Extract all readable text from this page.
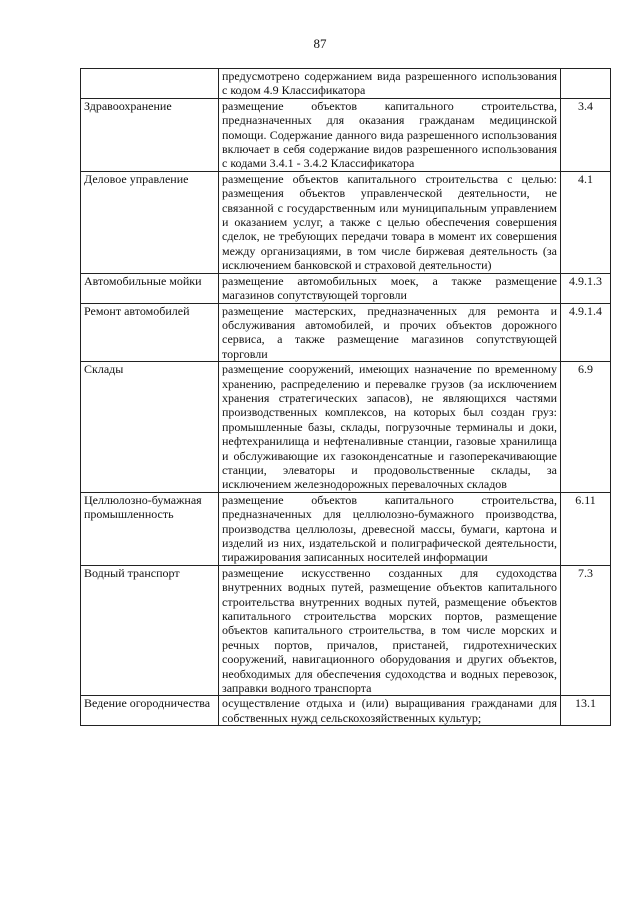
87
	предусмотрено содержанием вида разрешенного использования с кодом 4.9 Классификатора	
Здравоохранение	размещение объектов капитального строительства, предназначенных для оказания гражданам медицинской помощи. Содержание данного вида разрешенного использования включает в себя содержание видов разрешенного использования с кодами 3.4.1 - 3.4.2 Классификатора	3.4
Деловое управление	размещение объектов капитального строительства с целью: размещения объектов управленческой деятельности, не связанной с государственным или муниципальным управлением и оказанием услуг, а также с целью обеспечения совершения сделок, не требующих передачи товара в момент их совершения между организациями, в том числе биржевая деятельность (за исключением банковской и страховой деятельности)	4.1
Автомобильные мойки	размещение автомобильных моек, а также размещение магазинов сопутствующей торговли	4.9.1.3
Ремонт автомобилей	размещение мастерских, предназначенных для ремонта и обслуживания автомобилей, и прочих объектов дорожного сервиса, а также размещение магазинов сопутствующей торговли	4.9.1.4
Склады	размещение сооружений, имеющих назначение по временному хранению, распределению и перевалке грузов (за исключением хранения стратегических запасов), не являющихся частями производственных комплексов, на которых был создан груз: промышленные базы, склады, погрузочные терминалы и доки, нефтехранилища и нефтеналивные станции, газовые хранилища и обслуживающие их газоконденсатные и газоперекачивающие станции, элеваторы и продовольственные склады, за исключением железнодорожных перевалочных складов	6.9
Целлюлозно-бумажная промышленность	размещение объектов капитального строительства, предназначенных для целлюлозно-бумажного производства, производства целлюлозы, древесной массы, бумаги, картона и изделий из них, издательской и полиграфической деятельности, тиражирования записанных носителей информации	6.11
Водный транспорт	размещение искусственно созданных для судоходства внутренних водных путей, размещение объектов капитального строительства внутренних водных путей, размещение объектов капитального строительства морских портов, размещение объектов капитального строительства, в том числе морских и речных портов, причалов, пристаней, гидротехнических сооружений, навигационного оборудования и других объектов, необходимых для обеспечения судоходства и водных перевозок, заправки водного транспорта	7.3
Ведение огородничества	осуществление отдыха и (или) выращивания гражданами для собственных нужд сельскохозяйственных культур;	13.1
